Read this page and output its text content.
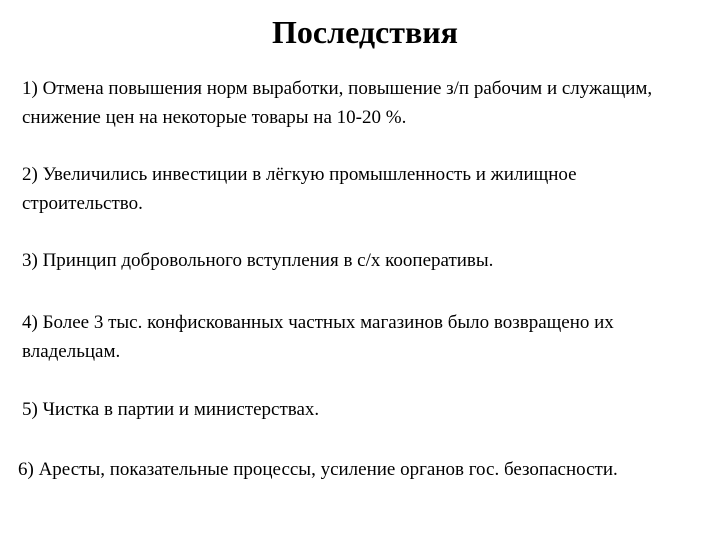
Последствия

1) Отмена повышения норм выработки, повышение з/п рабочим и служащим, снижение цен на некоторые товары на 10-20 %.

2) Увеличились инвестиции в лёгкую промышленность и жилищное строительство.

3) Принцип добровольного вступления в с/х кооперативы.

4) Более 3 тыс. конфискованных частных магазинов было возвращено их владельцам.

5) Чистка в партии и министерствах.

6) Аресты, показательные процессы, усиление органов гос. безопасности.
